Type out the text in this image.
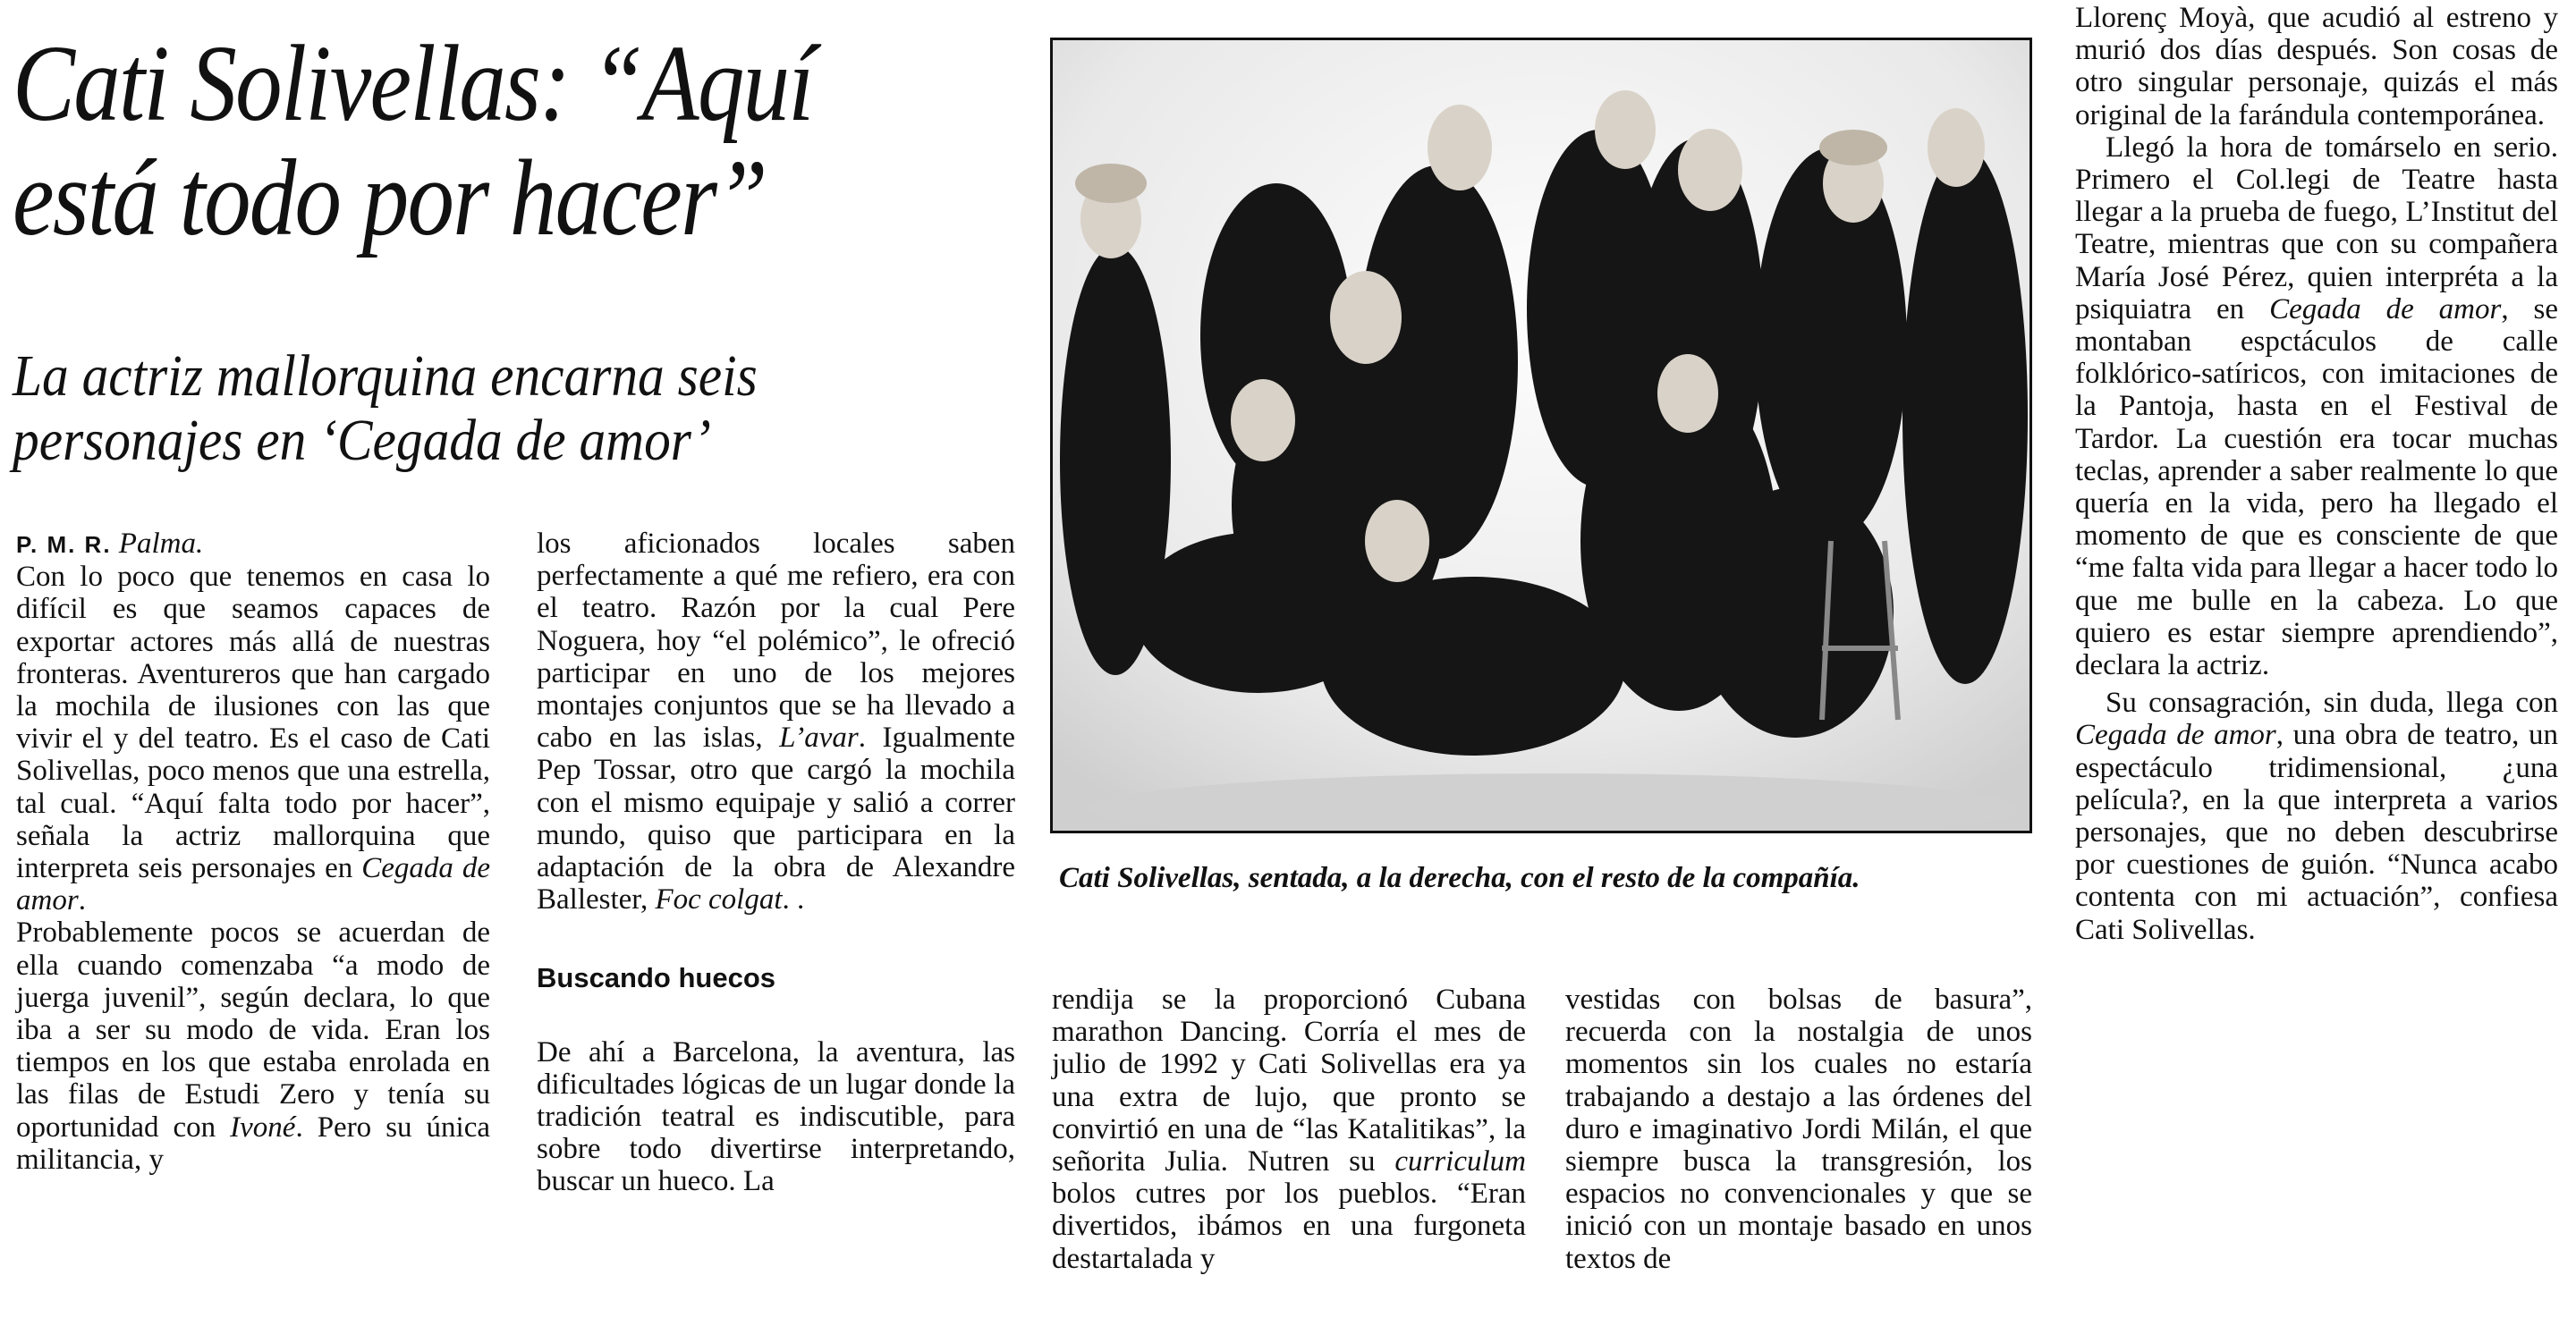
Cati Solivellas: “Aquí
está todo por hacer”
La actriz mallorquina encarna seis
personajes en ‘Cegada de amor’

P. M. R. Palma.

Con lo poco que tenemos en casa lo difícil es que seamos capaces de exportar actores más allá de nuestras fronteras. Aventureros que han cargado la mochila de ilusiones con las que vivir el y del teatro. Es el caso de Cati Solivellas, poco menos que una estrella, tal cual. “Aquí falta todo por hacer”, señala la actriz mallorquina que interpreta seis personajes en Cegada de amor.

Probablemente pocos se acuerdan de ella cuando comenzaba “a modo de juerga juvenil”, según declara, lo que iba a ser su modo de vida. Eran los tiempos en los que estaba enrolada en las filas de Estudi Zero y tenía su oportunidad con Ivoné. Pero su única militancia, y

los aficionados locales saben perfectamente a qué me refiero, era con el teatro. Razón por la cual Pere Noguera, hoy “el polémico”, le ofreció participar en uno de los mejores montajes conjuntos que se ha llevado a cabo en las islas, L’avar. Igualmente Pep Tossar, otro que cargó la mochila con el mismo equipaje y salió a correr mundo, quiso que participara en la adaptación de la obra de Alexandre Ballester, Foc colgat. .

Buscando huecos

De ahí a Barcelona, la aventura, las dificultades lógicas de un lugar donde la tradición teatral es indiscutible, para sobre todo divertirse interpretando, buscar un hueco. La

Cati Solivellas, sentada, a la derecha, con el resto de la compañía.

rendija se la proporcionó Cubana marathon Dancing. Corría el mes de julio de 1992 y Cati Solivellas era ya una extra de lujo, que pronto se convirtió en una de “las Katalitikas”, la señorita Julia. Nutren su curriculum bolos cutres por los pueblos. “Eran divertidos, ibámos en una furgoneta destartalada y

vestidas con bolsas de basura”, recuerda con la nostalgia de unos momentos sin los cuales no estaría trabajando a destajo a las órdenes del duro e imaginativo Jordi Milán, el que siempre busca la transgresión, los espacios no convencionales y que se inició con un montaje basado en unos textos de

Llorenç Moyà, que acudió al estreno y murió dos días después. Son cosas de otro singular personaje, quizás el más original de la farándula contemporánea.

Llegó la hora de tomárselo en serio. Primero el Col.legi de Teatre hasta llegar a la prueba de fuego, L’Institut del Teatre, mientras que con su compañera María José Pérez, quien interpréta a la psiquiatra en Cegada de amor, se montaban espctáculos de calle folklórico-satíricos, con imitaciones de la Pantoja, hasta en el Festival de Tardor. La cuestión era tocar muchas teclas, aprender a saber realmente lo que quería en la vida, pero ha llegado el momento de que es consciente de que “me falta vida para llegar a hacer todo lo que me bulle en la cabeza. Lo que quiero es estar siempre aprendiendo”, declara la actriz.

Su consagración, sin duda, llega con Cegada de amor, una obra de teatro, un espectáculo tridimensional, ¿una película?, en la que interpreta a varios personajes, que no deben descubrirse por cuestiones de guión. “Nunca acabo contenta con mi actuación”, confiesa Cati Solivellas.
